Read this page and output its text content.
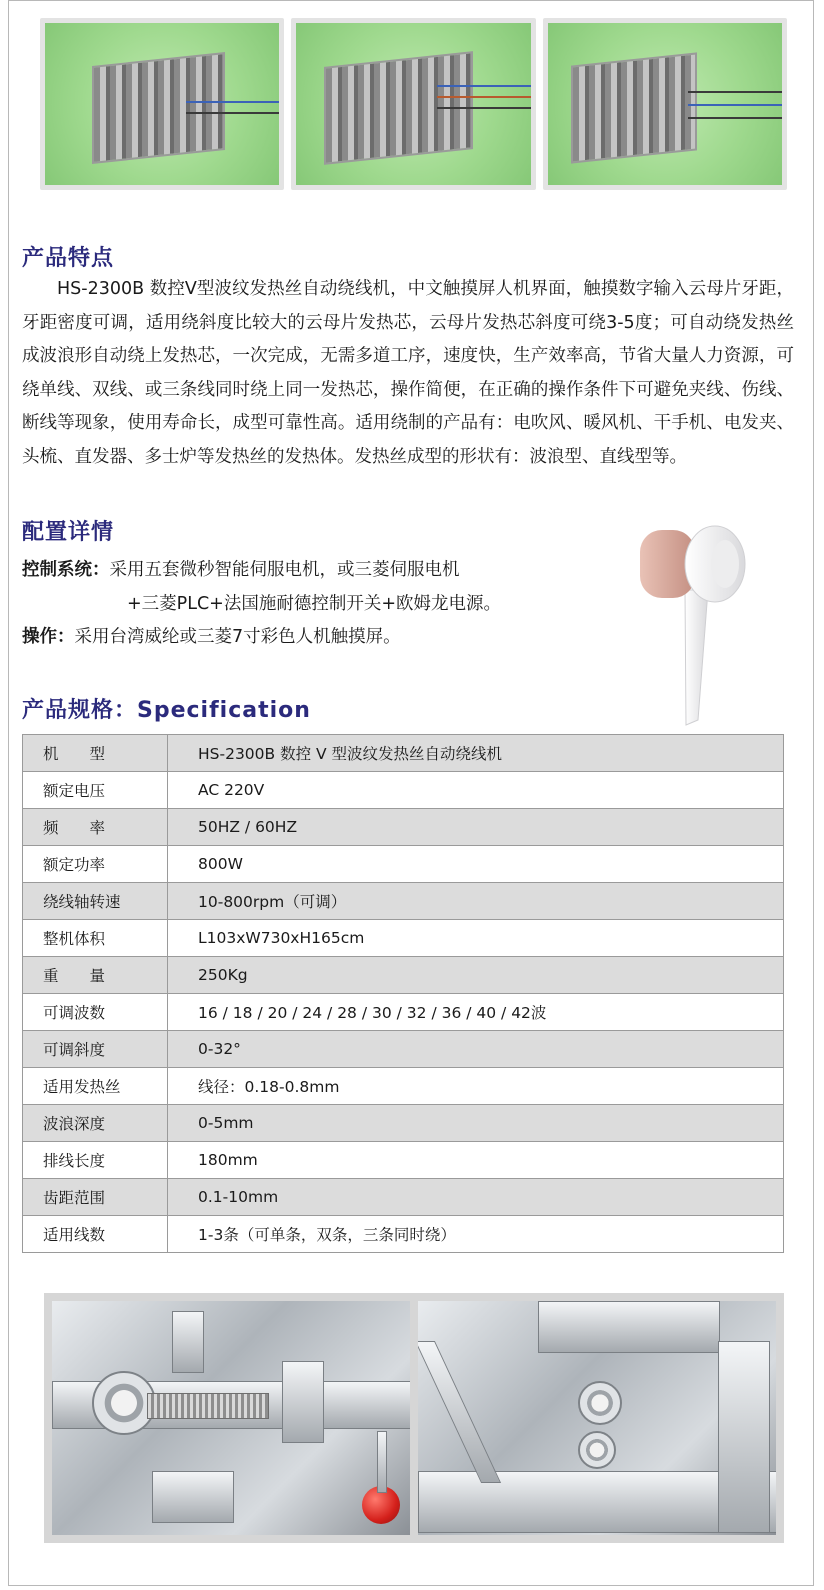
产品特点

HS-2300B 数控V型波纹发热丝自动绕线机，中文触摸屏人机界面，触摸数字输入云母片牙距，牙距密度可调，适用绕斜度比较大的云母片发热芯，云母片发热芯斜度可绕3-5度；可自动绕发热丝成波浪形自动绕上发热芯，一次完成，无需多道工序，速度快，生产效率高，节省大量人力资源，可绕单线、双线、或三条线同时绕上同一发热芯，操作简便，在正确的操作条件下可避免夹线、伤线、断线等现象，使用寿命长，成型可靠性高。适用绕制的产品有：电吹风、暖风机、干手机、电发夹、头梳、直发器、多士炉等发热丝的发热体。发热丝成型的形状有：波浪型、直线型等。

配置详情

控制系统：采用五套微秒智能伺服电机，或三菱伺服电机

+三菱PLC+法国施耐德控制开关+欧姆龙电源。

操作：采用台湾威纶或三菱7寸彩色人机触摸屏。

产品规格：Specification
机　　型	HS-2300B 数控 V 型波纹发热丝自动绕线机
额定电压	AC 220V
频　　率	50HZ / 60HZ
额定功率	800W
绕线轴转速	10-800rpm（可调）
整机体积	L103xW730xH165cm
重　　量	250Kg
可调波数	16 / 18 / 20 / 24 / 28 / 30 / 32 / 36 / 40 / 42波
可调斜度	0-32°
适用发热丝	线径：0.18-0.8mm
波浪深度	0-5mm
排线长度	180mm
齿距范围	0.1-10mm
适用线数	1-3条（可单条，双条，三条同时绕）
